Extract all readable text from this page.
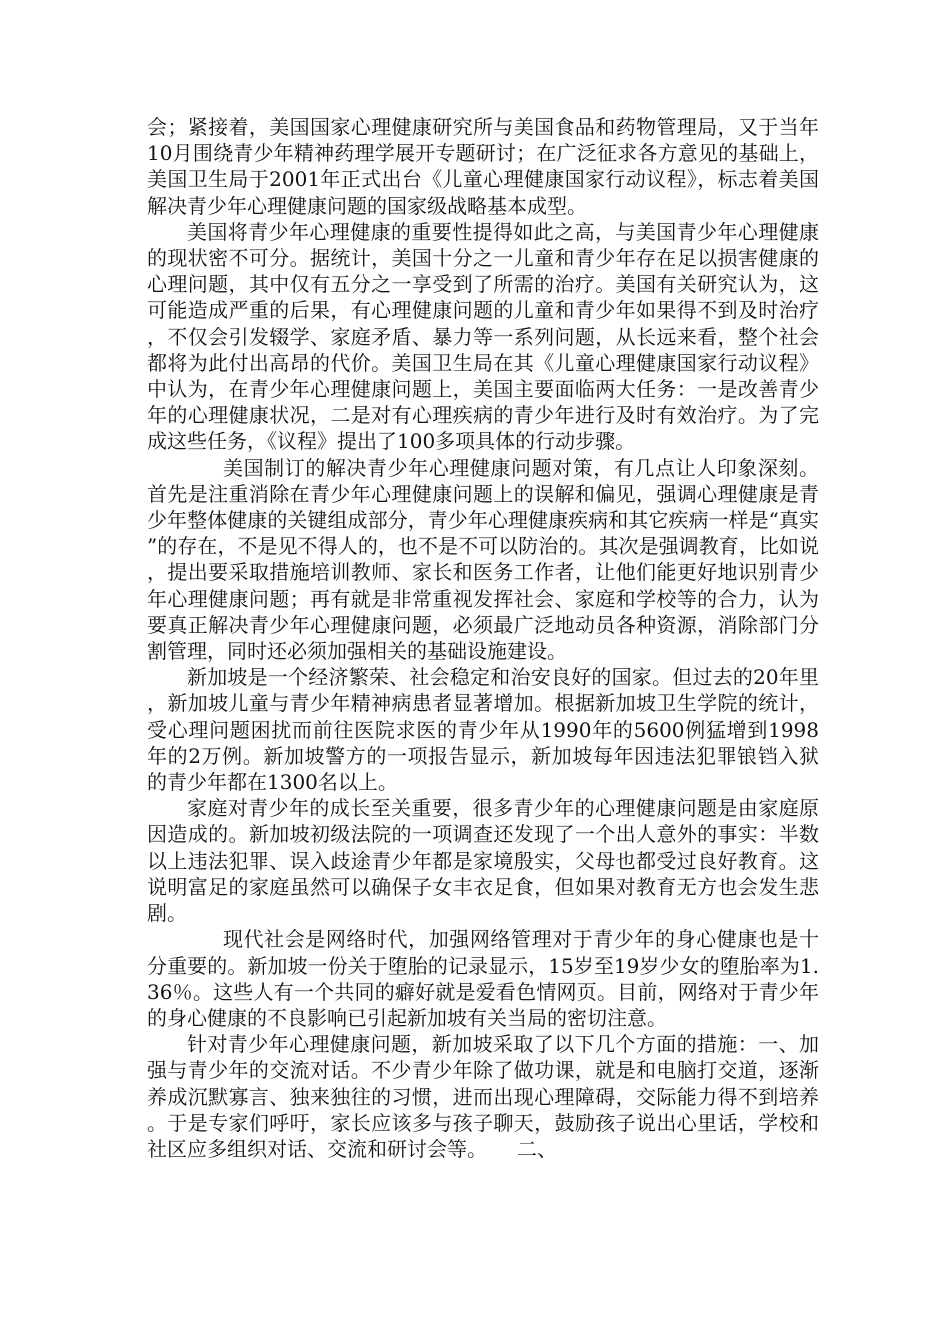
会；紧接着，美国国家心理健康研究所与美国食品和药物管理局，又于当年10月围绕青少年精神药理学展开专题研讨；在广泛征求各方意见的基础上，美国卫生局于2001年正式出台《儿童心理健康国家行动议程》，标志着美国解决青少年心理健康问题的国家级战略基本成型。

美国将青少年心理健康的重要性提得如此之高，与美国青少年心理健康的现状密不可分。据统计，美国十分之一儿童和青少年存在足以损害健康的心理问题，其中仅有五分之一享受到了所需的治疗。美国有关研究认为，这可能造成严重的后果，有心理健康问题的儿童和青少年如果得不到及时治疗，不仅会引发辍学、家庭矛盾、暴力等一系列问题，从长远来看，整个社会都将为此付出高昂的代价。美国卫生局在其《儿童心理健康国家行动议程》中认为，在青少年心理健康问题上，美国主要面临两大任务：一是改善青少年的心理健康状况，二是对有心理疾病的青少年进行及时有效治疗。为了完成这些任务，《议程》提出了100多项具体的行动步骤。

美国制订的解决青少年心理健康问题对策，有几点让人印象深刻。首先是注重消除在青少年心理健康问题上的误解和偏见，强调心理健康是青少年整体健康的关键组成部分，青少年心理健康疾病和其它疾病一样是“真实”的存在，不是见不得人的，也不是不可以防治的。其次是强调教育，比如说，提出要采取措施培训教师、家长和医务工作者，让他们能更好地识别青少年心理健康问题；再有就是非常重视发挥社会、家庭和学校等的合力，认为要真正解决青少年心理健康问题，必须最广泛地动员各种资源，消除部门分割管理，同时还必须加强相关的基础设施建设。

新加坡是一个经济繁荣、社会稳定和治安良好的国家。但过去的20年里，新加坡儿童与青少年精神病患者显著增加。根据新加坡卫生学院的统计，受心理问题困扰而前往医院求医的青少年从1990年的5600例猛增到1998年的2万例。新加坡警方的一项报告显示，新加坡每年因违法犯罪锒铛入狱的青少年都在1300名以上。

家庭对青少年的成长至关重要，很多青少年的心理健康问题是由家庭原因造成的。新加坡初级法院的一项调查还发现了一个出人意外的事实：半数以上违法犯罪、误入歧途青少年都是家境殷实，父母也都受过良好教育。这说明富足的家庭虽然可以确保子女丰衣足食，但如果对教育无方也会发生悲剧。

现代社会是网络时代，加强网络管理对于青少年的身心健康也是十分重要的。新加坡一份关于堕胎的记录显示，15岁至19岁少女的堕胎率为1.36％。这些人有一个共同的癖好就是爱看色情网页。目前，网络对于青少年的身心健康的不良影响已引起新加坡有关当局的密切注意。

针对青少年心理健康问题，新加坡采取了以下几个方面的措施：一、加强与青少年的交流对话。不少青少年除了做功课，就是和电脑打交道，逐渐养成沉默寡言、独来独往的习惯，进而出现心理障碍，交际能力得不到培养。于是专家们呼吁，家长应该多与孩子聊天，鼓励孩子说出心里话，学校和社区应多组织对话、交流和研讨会等。　　二、
